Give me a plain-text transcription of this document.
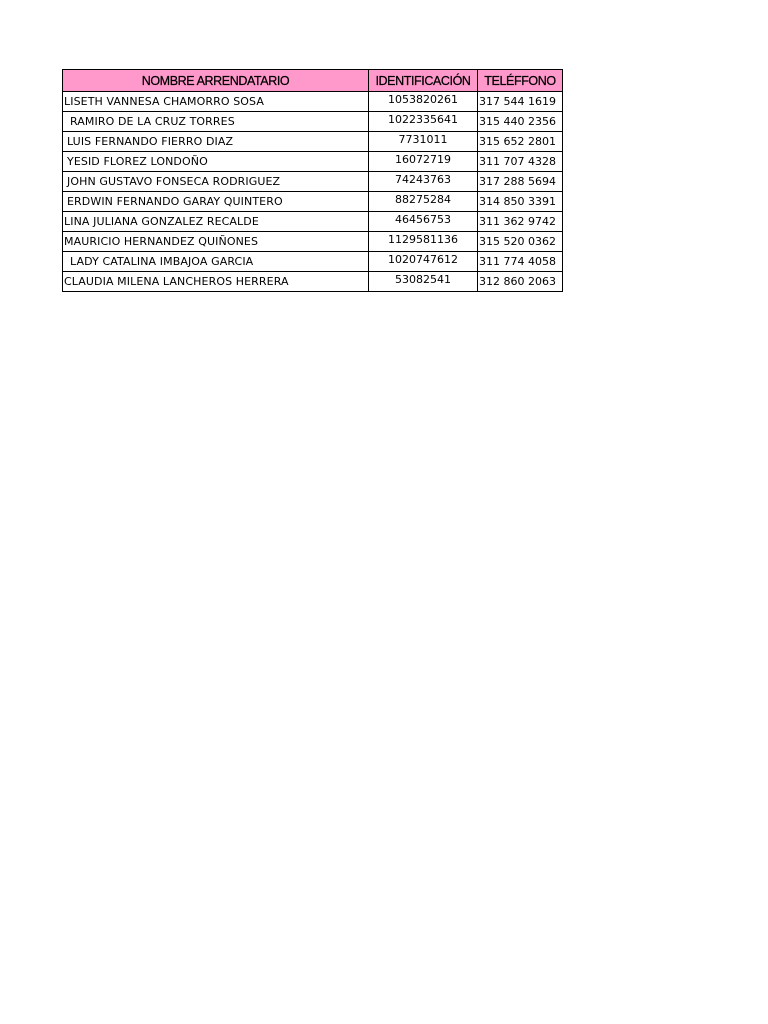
NOMBRE ARRENDATARIO	IDENTIFICACIÓN	TELÉFFONO
LISETH VANNESA CHAMORRO SOSA	1053820261	317 544 1619
RAMIRO DE LA CRUZ TORRES	1022335641	315 440 2356
LUIS FERNANDO FIERRO DIAZ	7731011	315 652 2801
YESID FLOREZ LONDOÑO	16072719	311 707 4328
JOHN GUSTAVO FONSECA RODRIGUEZ	74243763	317 288 5694
ERDWIN FERNANDO GARAY QUINTERO	88275284	314 850 3391
LINA JULIANA GONZALEZ RECALDE	46456753	311 362 9742
MAURICIO HERNANDEZ QUIÑONES	1129581136	315 520 0362
LADY CATALINA IMBAJOA GARCIA	1020747612	311 774 4058
CLAUDIA MILENA LANCHEROS HERRERA	53082541	312 860 2063
